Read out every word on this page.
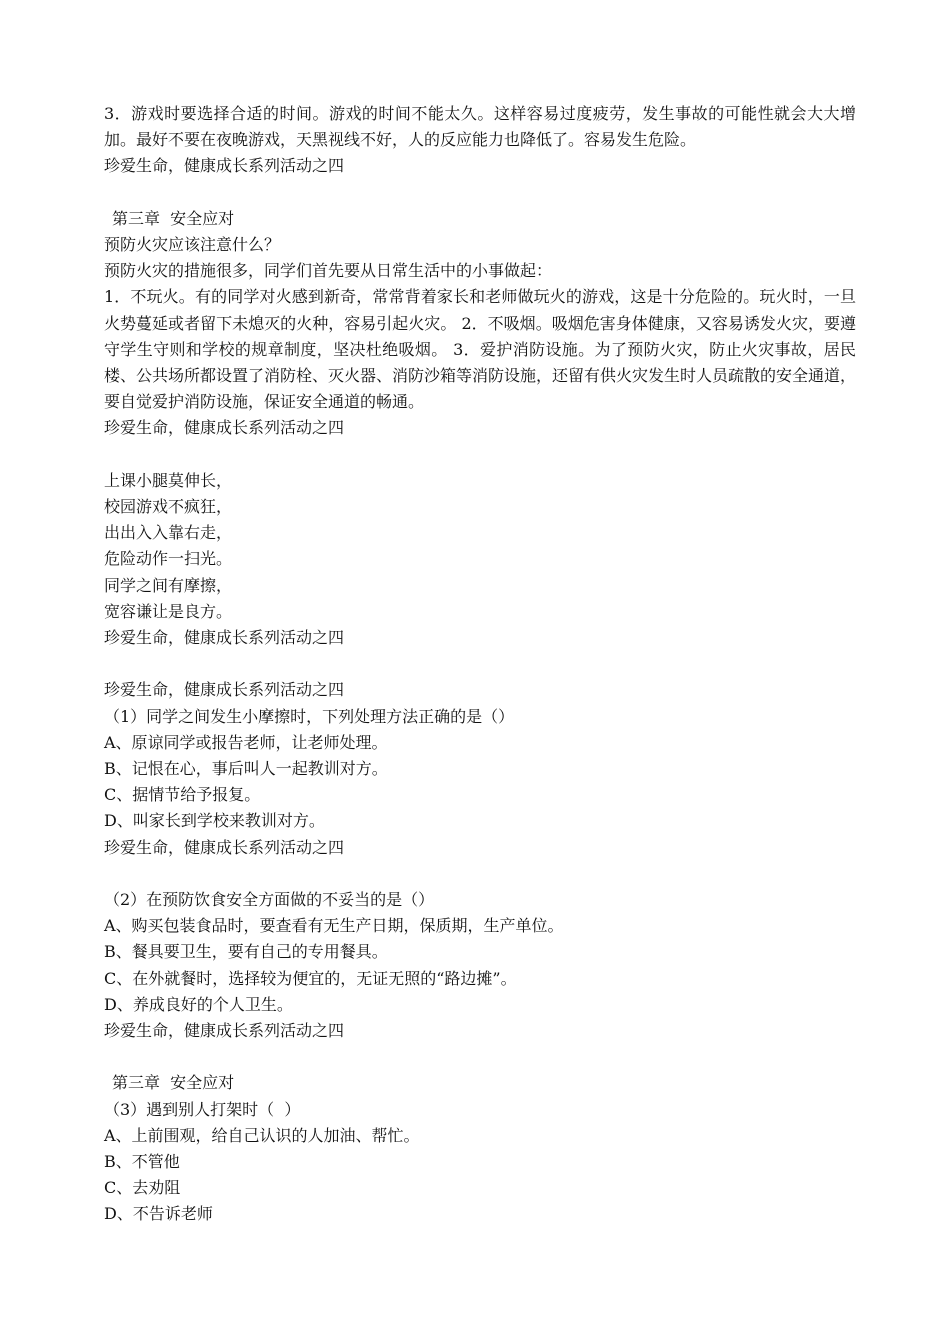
3．游戏时要选择合适的时间。游戏的时间不能太久。这样容易过度疲劳，发生事故的可能性就会大大增加。最好不要在夜晚游戏，天黑视线不好，人的反应能力也降低了。容易发生危险。

珍爱生命，健康成长系列活动之四

第三章  安全应对

预防火灾应该注意什么？

预防火灾的措施很多，同学们首先要从日常生活中的小事做起：

1．不玩火。有的同学对火感到新奇，常常背着家长和老师做玩火的游戏，这是十分危险的。玩火时，一旦火势蔓延或者留下未熄灭的火种，容易引起火灾。 2．不吸烟。吸烟危害身体健康，又容易诱发火灾，要遵守学生守则和学校的规章制度，坚决杜绝吸烟。 3．爱护消防设施。为了预防火灾，防止火灾事故，居民楼、公共场所都设置了消防栓、灭火器、消防沙箱等消防设施，还留有供火灾发生时人员疏散的安全通道，要自觉爱护消防设施，保证安全通道的畅通。

珍爱生命，健康成长系列活动之四

上课小腿莫伸长，

校园游戏不疯狂，

出出入入靠右走，

危险动作一扫光。

同学之间有摩擦，

宽容谦让是良方。

珍爱生命，健康成长系列活动之四

珍爱生命，健康成长系列活动之四

（1）同学之间发生小摩擦时，下列处理方法正确的是（）

A、原谅同学或报告老师，让老师处理。

B、记恨在心，事后叫人一起教训对方。

C、据情节给予报复。

D、叫家长到学校来教训对方。

珍爱生命，健康成长系列活动之四

（2）在预防饮食安全方面做的不妥当的是（）

A、购买包装食品时，要查看有无生产日期，保质期，生产单位。

B、餐具要卫生，要有自己的专用餐具。

C、在外就餐时，选择较为便宜的，无证无照的“路边摊”。

D、养成良好的个人卫生。

珍爱生命，健康成长系列活动之四

第三章  安全应对

（3）遇到别人打架时（  ）

A、上前围观，给自己认识的人加油、帮忙。

B、不管他

C、去劝阻

D、不告诉老师
